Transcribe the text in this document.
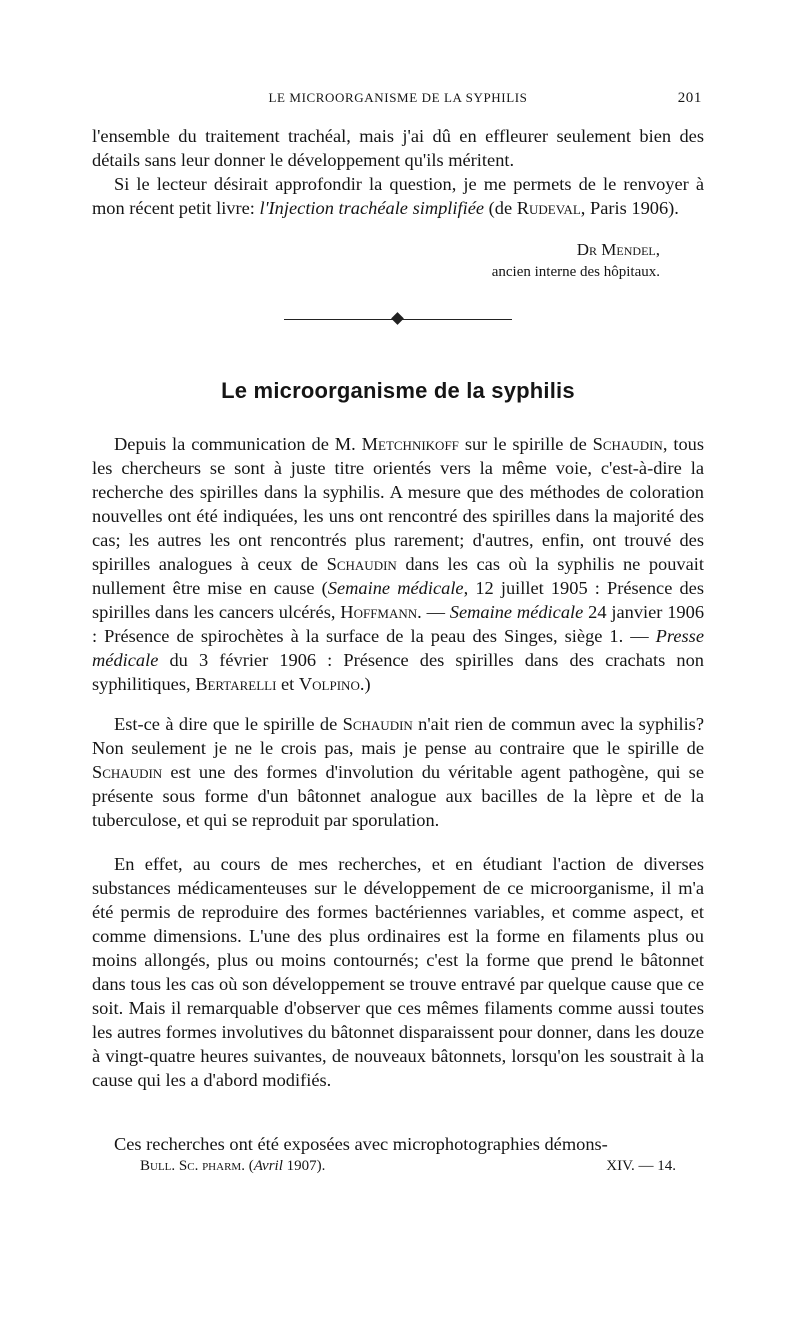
LE MICROORGANISME DE LA SYPHILIS	201

l'ensemble du traitement trachéal, mais j'ai dû en effleurer seulement bien des détails sans leur donner le développement qu'ils méritent.

Si le lecteur désirait approfondir la question, je me permets de le renvoyer à mon récent petit livre: l'Injection trachéale simplifiée (de Rudeval, Paris 1906).

Dr Mendel,
ancien interne des hôpitaux.
Le microorganisme de la syphilis

Depuis la communication de M. Metchnikoff sur le spirille de Schaudin, tous les chercheurs se sont à juste titre orientés vers la même voie, c'est-à-dire la recherche des spirilles dans la syphilis. A mesure que des méthodes de coloration nouvelles ont été indiquées, les uns ont rencontré des spirilles dans la majorité des cas; les autres les ont rencontrés plus rarement; d'autres, enfin, ont trouvé des spirilles analogues à ceux de Schaudin dans les cas où la syphilis ne pouvait nullement être mise en cause (Semaine médicale, 12 juillet 1905 : Présence des spirilles dans les cancers ulcérés, Hoffmann. — Semaine médicale 24 janvier 1906 : Présence de spirochètes à la surface de la peau des Singes, siège 1. — Presse médicale du 3 février 1906 : Présence des spirilles dans des crachats non syphilitiques, Bertarelli et Volpino.)

Est-ce à dire que le spirille de Schaudin n'ait rien de commun avec la syphilis? Non seulement je ne le crois pas, mais je pense au contraire que le spirille de Schaudin est une des formes d'involution du véritable agent pathogène, qui se présente sous forme d'un bâtonnet analogue aux bacilles de la lèpre et de la tuberculose, et qui se reproduit par sporulation.

En effet, au cours de mes recherches, et en étudiant l'action de diverses substances médicamenteuses sur le développement de ce microorganisme, il m'a été permis de reproduire des formes bactériennes variables, et comme aspect, et comme dimensions. L'une des plus ordinaires est la forme en filaments plus ou moins allongés, plus ou moins contournés; c'est la forme que prend le bâtonnet dans tous les cas où son développement se trouve entravé par quelque cause que ce soit. Mais il remarquable d'observer que ces mêmes filaments comme aussi toutes les autres formes involutives du bâtonnet disparaissent pour donner, dans les douze à vingt-quatre heures suivantes, de nouveaux bâtonnets, lorsqu'on les soustrait à la cause qui les a d'abord modifiés.

Ces recherches ont été exposées avec microphotographies démons-

Bull. Sc. pharm. (Avril 1907).	XIV. — 14.
